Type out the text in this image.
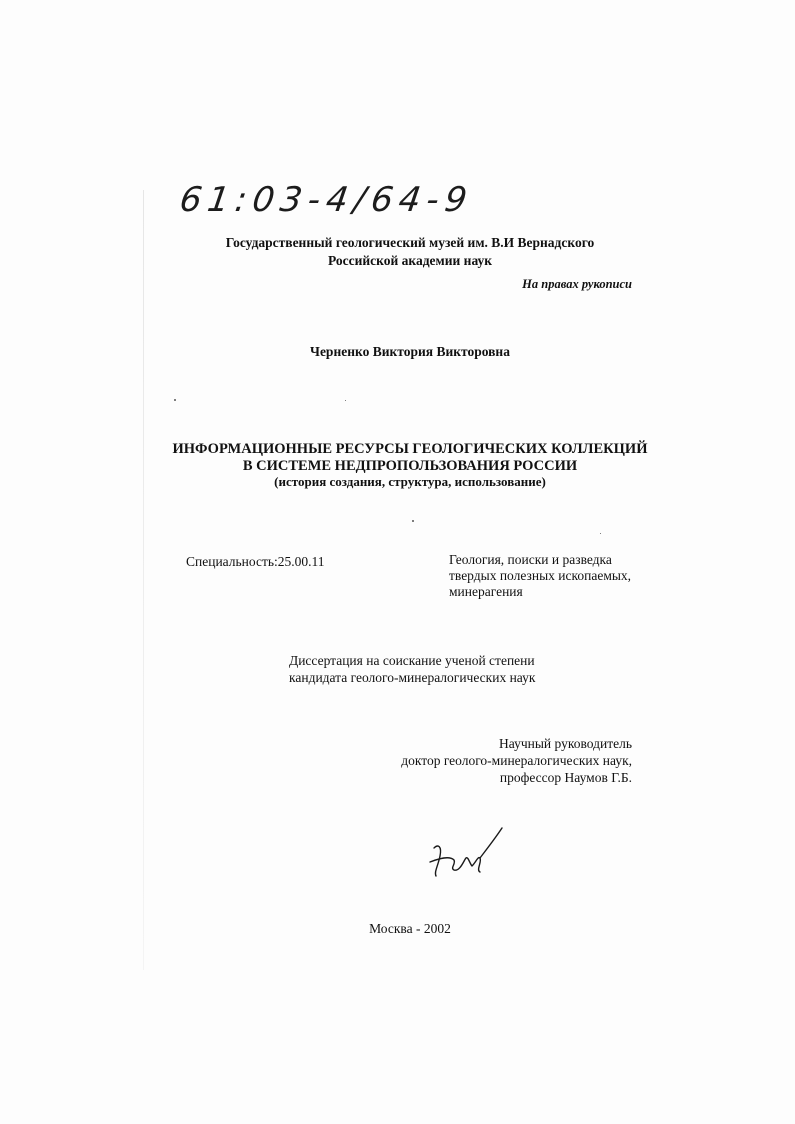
61:03-4/64-9
Государственный геологический музей им. В.И Вернадского
Российской академии наук
На правах рукописи
Черненко Виктория Викторовна
ИНФОРМАЦИОННЫЕ РЕСУРСЫ ГЕОЛОГИЧЕСКИХ КОЛЛЕКЦИЙ
В СИСТЕМЕ НЕДПРОПОЛЬЗОВАНИЯ РОССИИ
(история создания, структура, использование)
Специальность:25.00.11	Геология, поиски и разведка
твердых полезных ископаемых,
минерагения
Диссертация на соискание ученой степени
кандидата геолого-минералогических наук
Научный руководитель
доктор геолого-минералогических наук,
профессор Наумов Г.Б.
Москва - 2002
